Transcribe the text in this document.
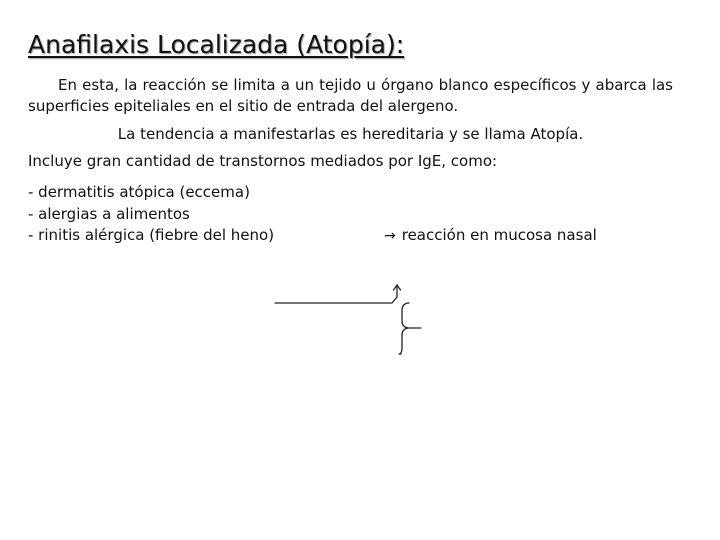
Anafilaxis Localizada (Atopía):

En esta, la reacción se limita a un tejido u órgano blanco específicos y abarca las superficies epiteliales en el sitio de entrada del alergeno.

La tendencia a manifestarlas es hereditaria y se llama Atopía.

Incluye gran cantidad de transtornos mediados por IgE, como:

- dermatitis atópica (eccema)
- alergias a alimentos
- rinitis alérgica (fiebre del heno)	→ reacción en mucosa nasal
